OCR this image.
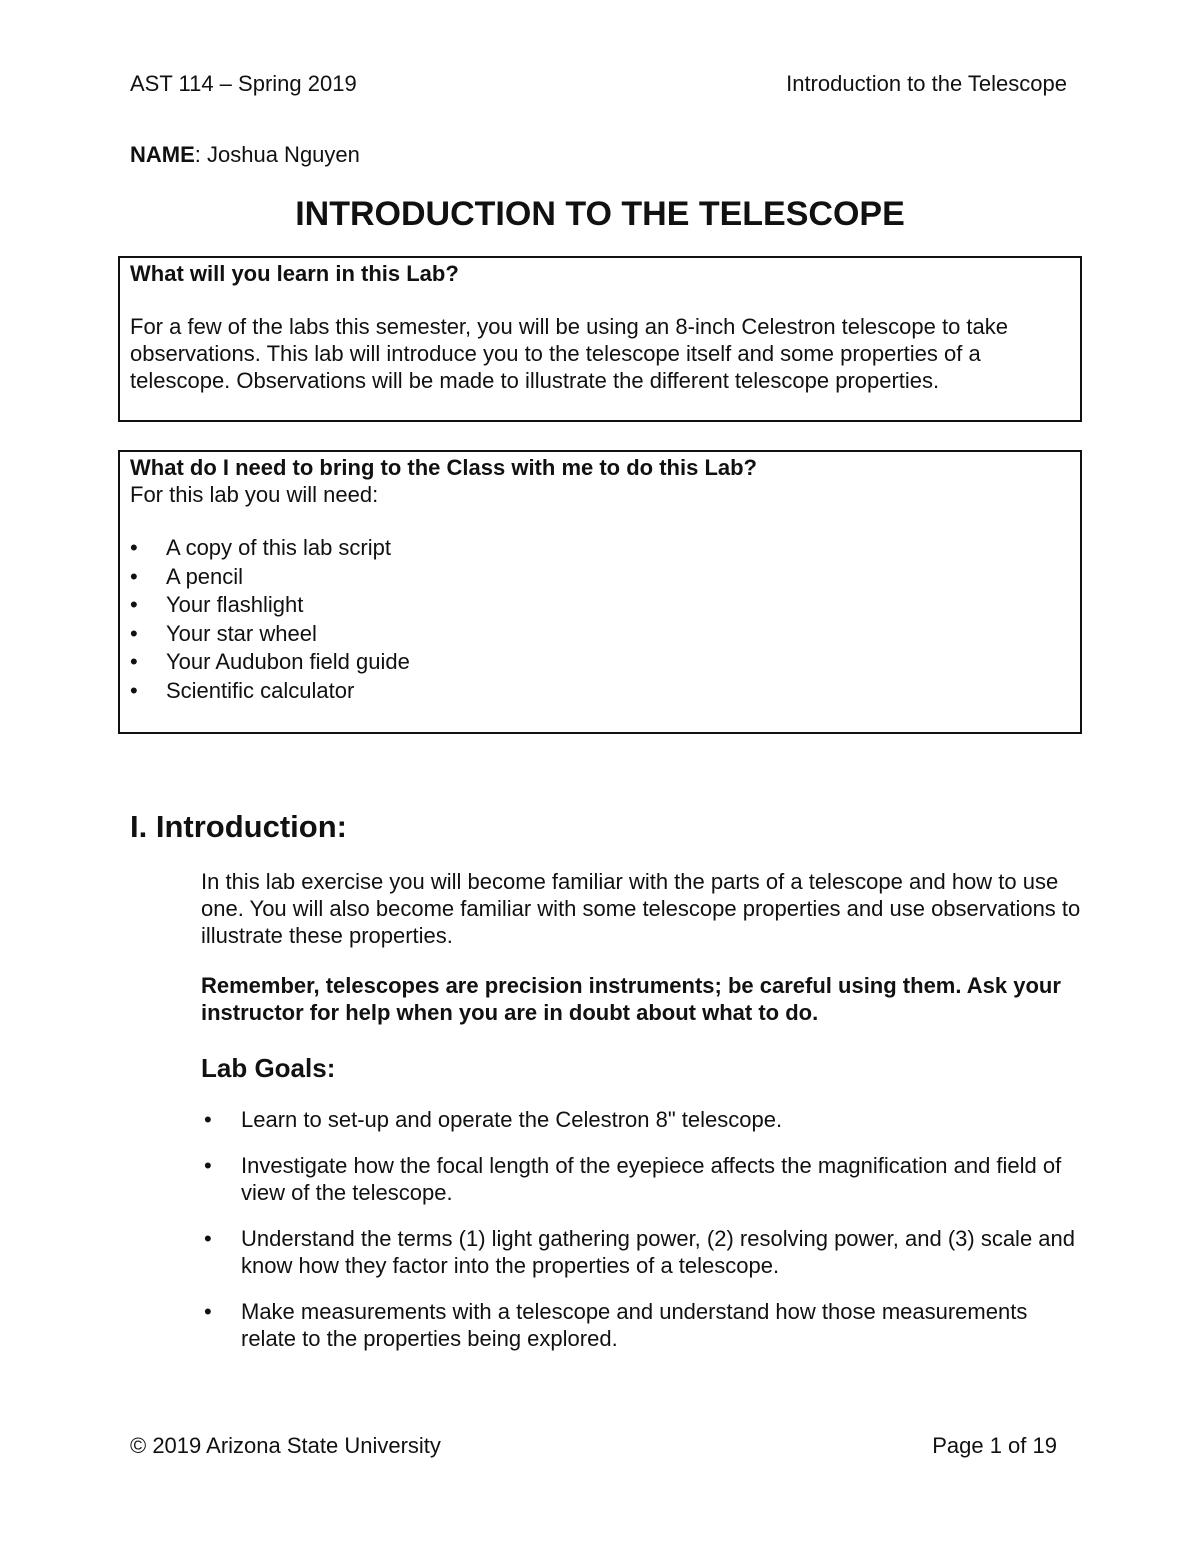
AST 114 – Spring 2019	Introduction to the Telescope
NAME: Joshua Nguyen
INTRODUCTION TO THE TELESCOPE

What will you learn in this Lab?

For a few of the labs this semester, you will be using an 8-inch Celestron telescope to take observations. This lab will introduce you to the telescope itself and some properties of a telescope. Observations will be made to illustrate the different telescope properties.

What do I need to bring to the Class with me to do this Lab?

For this lab you will need:

• A copy of this lab script
• A pencil
• Your flashlight
• Your star wheel
• Your Audubon field guide
• Scientific calculator
I. Introduction:
In this lab exercise you will become familiar with the parts of a telescope and how to use one. You will also become familiar with some telescope properties and use observations to illustrate these properties.
Remember, telescopes are precision instruments; be careful using them. Ask your instructor for help when you are in doubt about what to do.
Lab Goals:
• Learn to set-up and operate the Celestron 8" telescope.
• Investigate how the focal length of the eyepiece affects the magnification and field of view of the telescope.
• Understand the terms (1) light gathering power, (2) resolving power, and (3) scale and know how they factor into the properties of a telescope.
• Make measurements with a telescope and understand how those measurements relate to the properties being explored.
© 2019 Arizona State University	Page 1 of 19
